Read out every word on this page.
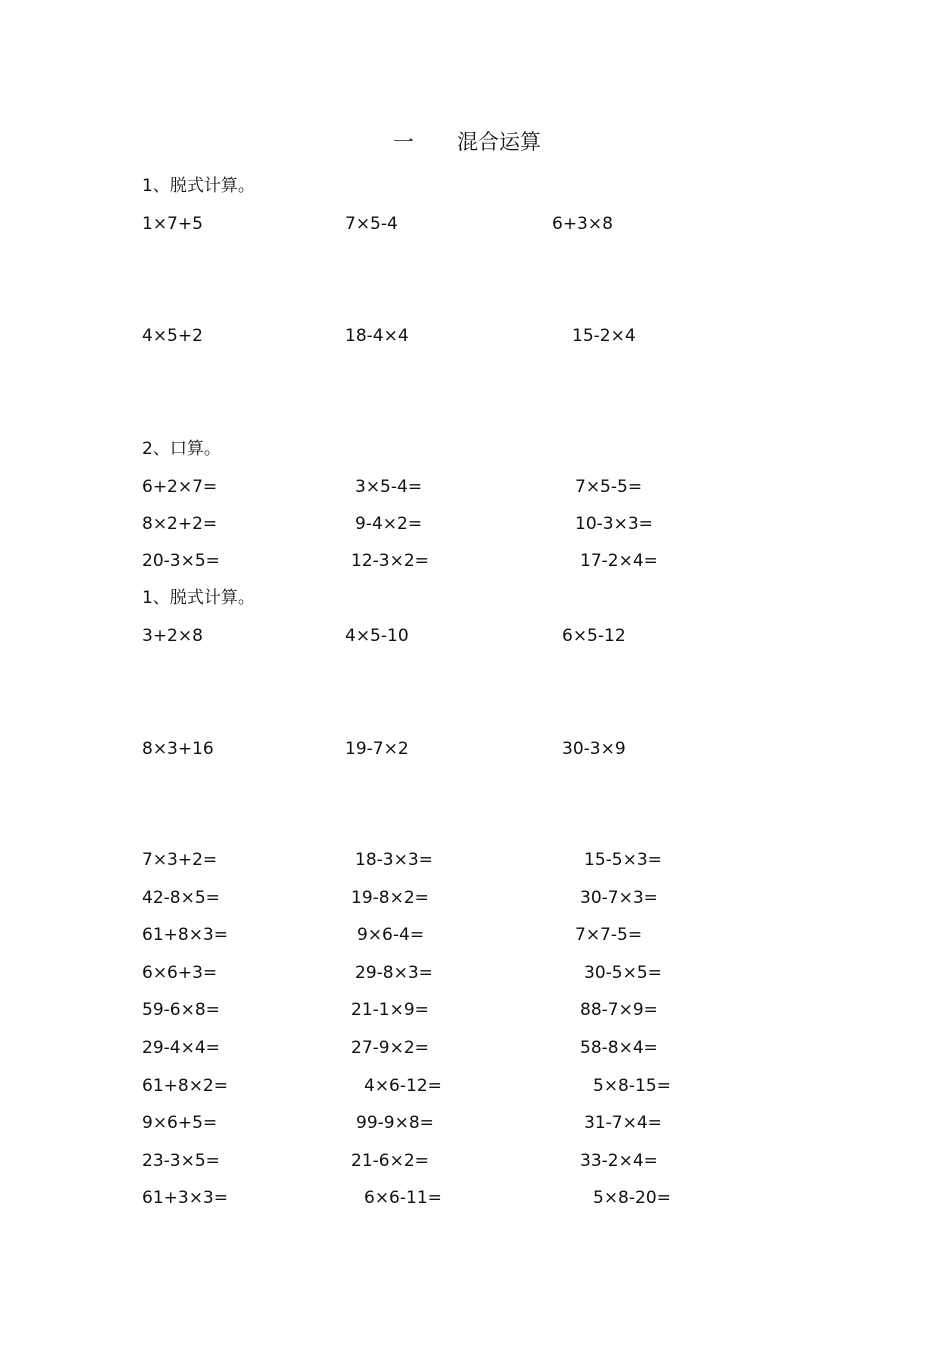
一 混合运算
1、脱式计算。
1×7+5	7×5-4	6+3×8
4×5+2	18-4×4	15-2×4
2、口算。
6+2×7=	3×5-4=	7×5-5=
8×2+2=	9-4×2=	10-3×3=
20-3×5=	12-3×2=	17-2×4=
1、脱式计算。
3+2×8	4×5-10	6×5-12
8×3+16	19-7×2	30-3×9
7×3+2=	18-3×3=	15-5×3=
42-8×5=	19-8×2=	30-7×3=
61+8×3=	9×6-4=	7×7-5=
6×6+3=	29-8×3=	30-5×5=
59-6×8=	21-1×9=	88-7×9=
29-4×4=	27-9×2=	58-8×4=
61+8×2=	4×6-12=	5×8-15=
9×6+5=	99-9×8=	31-7×4=
23-3×5=	21-6×2=	33-2×4=
61+3×3=	6×6-11=	5×8-20=
